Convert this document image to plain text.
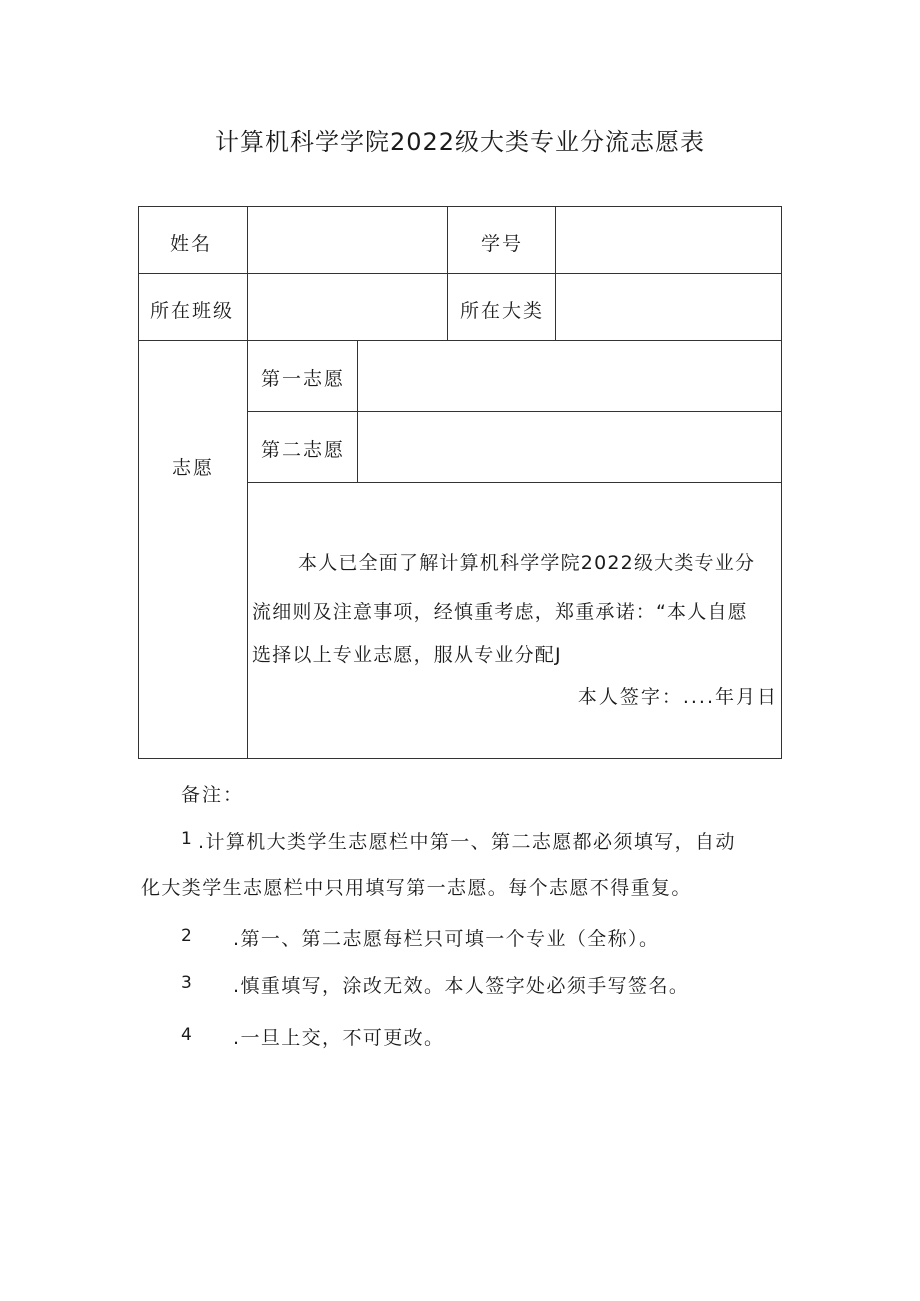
计算机科学学院2022级大类专业分流志愿表
姓名	学号
所在班级	所在大类
志愿
第一志愿
第二志愿
本人已全面了解计算机科学学院2022级大类专业分
流细则及注意事项，经慎重考虑，郑重承诺：“本人自愿
选择以上专业志愿，服从专业分配J
本人签字：....年月日
备注：
1 .计算机大类学生志愿栏中第一、第二志愿都必须填写，自动
化大类学生志愿栏中只用填写第一志愿。每个志愿不得重复。
2 .第一、第二志愿每栏只可填一个专业（全称）。
3 .慎重填写，涂改无效。本人签字处必须手写签名。
4 .一旦上交，不可更改。
